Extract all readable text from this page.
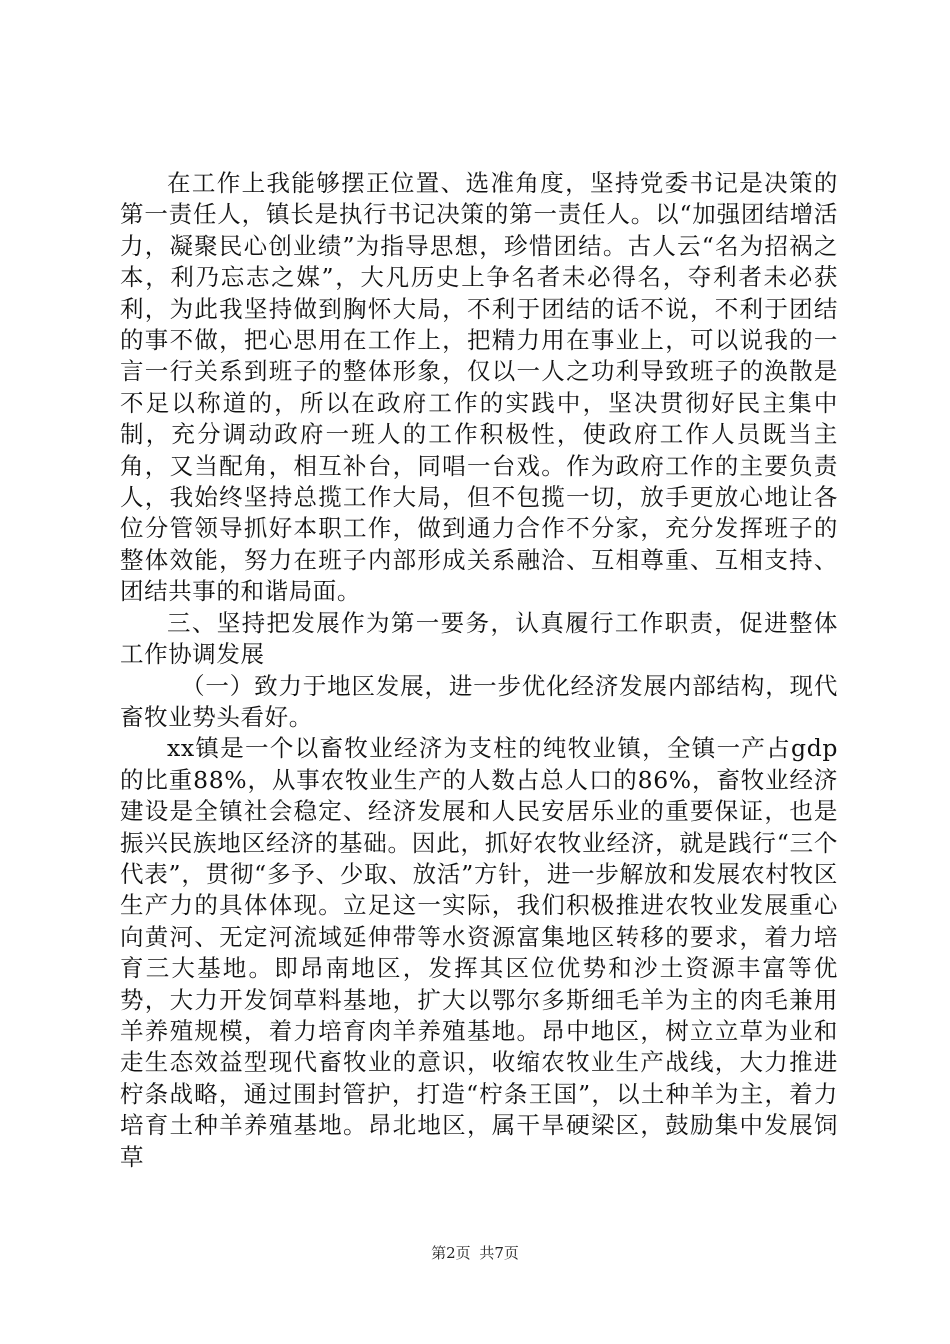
在工作上我能够摆正位置、选准角度，坚持党委书记是决策的第一责任人，镇长是执行书记决策的第一责任人。以“加强团结增活力，凝聚民心创业绩”为指导思想，珍惜团结。古人云“名为招祸之本，利乃忘志之媒”，大凡历史上争名者未必得名，夺利者未必获利，为此我坚持做到胸怀大局，不利于团结的话不说，不利于团结的事不做，把心思用在工作上，把精力用在事业上，可以说我的一言一行关系到班子的整体形象，仅以一人之功利导致班子的涣散是不足以称道的，所以在政府工作的实践中，坚决贯彻好民主集中制，充分调动政府一班人的工作积极性，使政府工作人员既当主角，又当配角，相互补台，同唱一台戏。作为政府工作的主要负责人，我始终坚持总揽工作大局，但不包揽一切，放手更放心地让各位分管领导抓好本职工作，做到通力合作不分家，充分发挥班子的整体效能，努力在班子内部形成关系融洽、互相尊重、互相支持、团结共事的和谐局面。

三、坚持把发展作为第一要务，认真履行工作职责，促进整体工作协调发展

（一）致力于地区发展，进一步优化经济发展内部结构，现代畜牧业势头看好。

xx镇是一个以畜牧业经济为支柱的纯牧业镇，全镇一产占gdp的比重88%，从事农牧业生产的人数占总人口的86%，畜牧业经济建设是全镇社会稳定、经济发展和人民安居乐业的重要保证，也是振兴民族地区经济的基础。因此，抓好农牧业经济，就是践行“三个代表”，贯彻“多予、少取、放活”方针，进一步解放和发展农村牧区生产力的具体体现。立足这一实际，我们积极推进农牧业发展重心向黄河、无定河流域延伸带等水资源富集地区转移的要求，着力培育三大基地。即昂南地区，发挥其区位优势和沙土资源丰富等优势，大力开发饲草料基地，扩大以鄂尔多斯细毛羊为主的肉毛兼用羊养殖规模，着力培育肉羊养殖基地。昂中地区，树立立草为业和走生态效益型现代畜牧业的意识，收缩农牧业生产战线，大力推进柠条战略，通过围封管护，打造“柠条王国”，以土种羊为主，着力培育土种羊养殖基地。昂北地区，属干旱硬梁区，鼓励集中发展饲草

第2页 共7页
